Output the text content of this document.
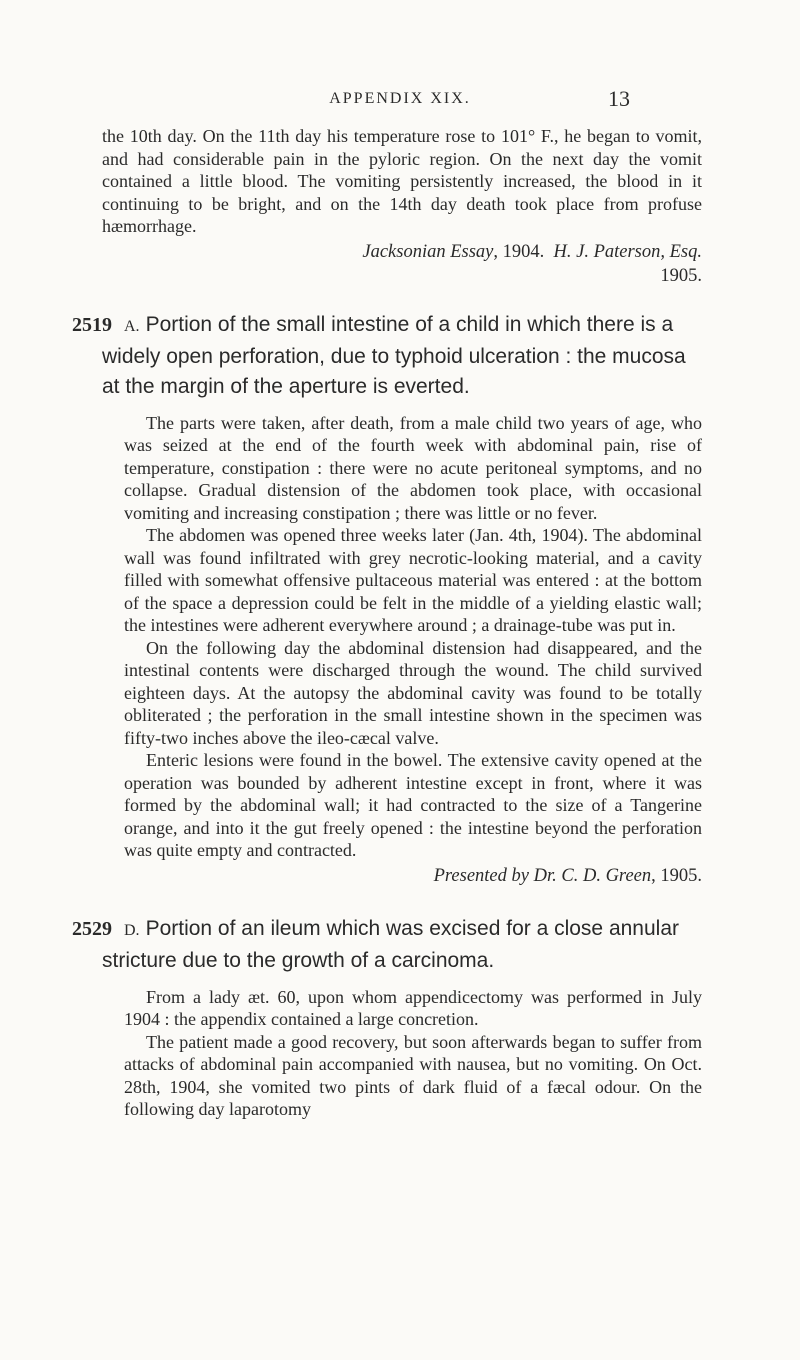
APPENDIX XIX.	13

the 10th day. On the 11th day his temperature rose to 101° F., he began to vomit, and had considerable pain in the pyloric region. On the next day the vomit contained a little blood. The vomiting persistently increased, the blood in it continuing to be bright, and on the 14th day death took place from profuse hæmorrhage.

Jacksonian Essay, 1904. H. J. Paterson, Esq.

1905.

2519 A. Portion of the small intestine of a child in which there is a widely open perforation, due to typhoid ulceration : the mucosa at the margin of the aperture is everted.

The parts were taken, after death, from a male child two years of age, who was seized at the end of the fourth week with abdominal pain, rise of temperature, constipation : there were no acute peritoneal symptoms, and no collapse. Gradual distension of the abdomen took place, with occasional vomiting and increasing constipation ; there was little or no fever.

The abdomen was opened three weeks later (Jan. 4th, 1904). The abdominal wall was found infiltrated with grey necrotic-looking material, and a cavity filled with somewhat offensive pultaceous material was entered : at the bottom of the space a depression could be felt in the middle of a yielding elastic wall; the intestines were adherent everywhere around ; a drainage-tube was put in.

On the following day the abdominal distension had disappeared, and the intestinal contents were discharged through the wound. The child survived eighteen days. At the autopsy the abdominal cavity was found to be totally obliterated ; the perforation in the small intestine shown in the specimen was fifty-two inches above the ileo-cæcal valve.

Enteric lesions were found in the bowel. The extensive cavity opened at the operation was bounded by adherent intestine except in front, where it was formed by the abdominal wall; it had contracted to the size of a Tangerine orange, and into it the gut freely opened : the intestine beyond the perforation was quite empty and contracted.

Presented by Dr. C. D. Green, 1905.

2529 D. Portion of an ileum which was excised for a close annular stricture due to the growth of a carcinoma.

From a lady æt. 60, upon whom appendicectomy was performed in July 1904 : the appendix contained a large concretion.

The patient made a good recovery, but soon afterwards began to suffer from attacks of abdominal pain accompanied with nausea, but no vomiting. On Oct. 28th, 1904, she vomited two pints of dark fluid of a fæcal odour. On the following day laparotomy
